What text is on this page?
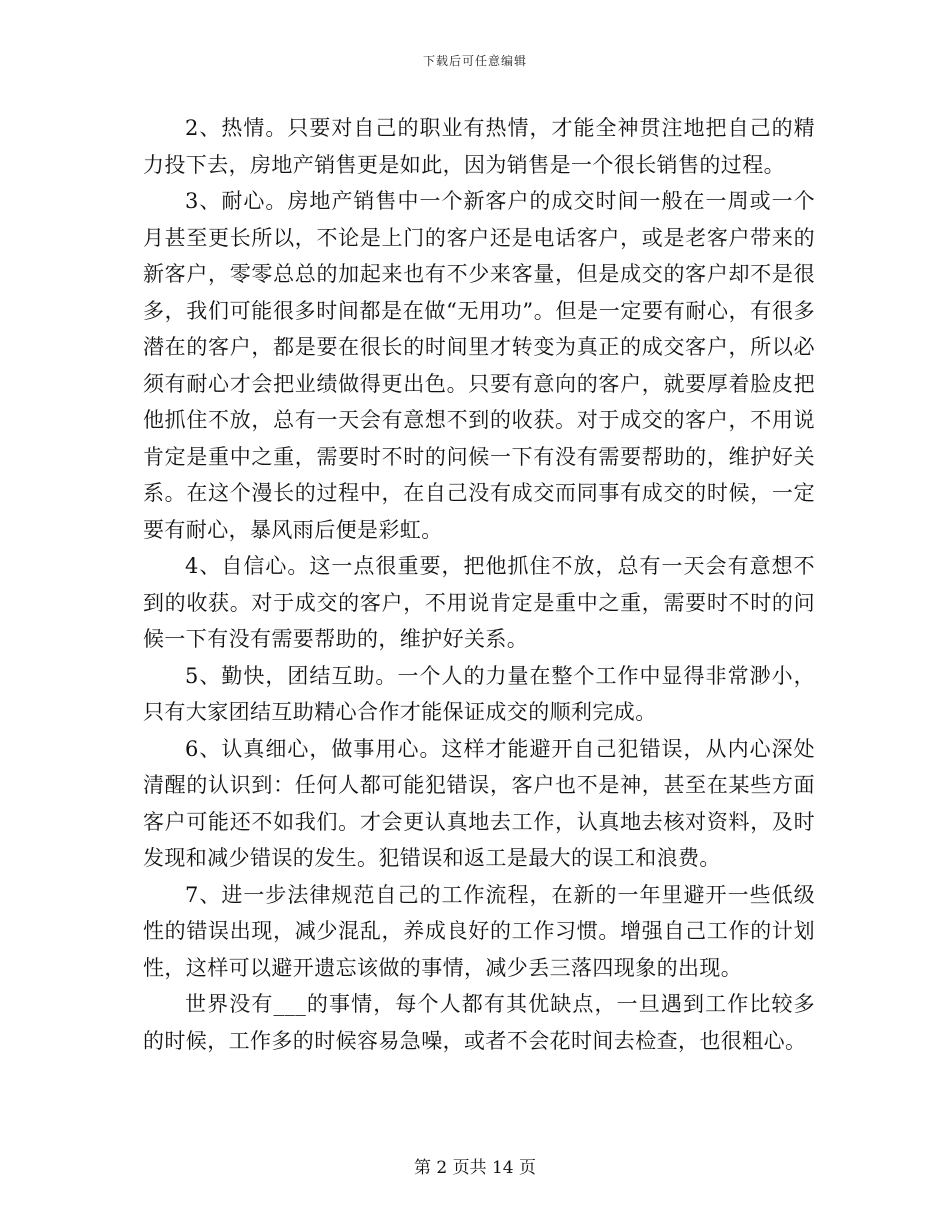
下载后可任意编辑

2、热情。只要对自己的职业有热情，才能全神贯注地把自己的精力投下去，房地产销售更是如此，因为销售是一个很长销售的过程。

3、耐心。房地产销售中一个新客户的成交时间一般在一周或一个月甚至更长所以，不论是上门的客户还是电话客户，或是老客户带来的新客户，零零总总的加起来也有不少来客量，但是成交的客户却不是很多，我们可能很多时间都是在做“无用功”。但是一定要有耐心，有很多潜在的客户，都是要在很长的时间里才转变为真正的成交客户，所以必须有耐心才会把业绩做得更出色。只要有意向的客户，就要厚着脸皮把他抓住不放，总有一天会有意想不到的收获。对于成交的客户，不用说肯定是重中之重，需要时不时的问候一下有没有需要帮助的，维护好关系。在这个漫长的过程中，在自己没有成交而同事有成交的时候，一定要有耐心，暴风雨后便是彩虹。

4、自信心。这一点很重要，把他抓住不放，总有一天会有意想不到的收获。对于成交的客户，不用说肯定是重中之重，需要时不时的问候一下有没有需要帮助的，维护好关系。

5、勤快，团结互助。一个人的力量在整个工作中显得非常渺小，只有大家团结互助精心合作才能保证成交的顺利完成。

6、认真细心，做事用心。这样才能避开自己犯错误，从内心深处清醒的认识到：任何人都可能犯错误，客户也不是神，甚至在某些方面客户可能还不如我们。才会更认真地去工作，认真地去核对资料，及时发现和减少错误的发生。犯错误和返工是最大的误工和浪费。

7、进一步法律规范自己的工作流程，在新的一年里避开一些低级性的错误出现，减少混乱，养成良好的工作习惯。增强自己工作的计划性，这样可以避开遗忘该做的事情，减少丢三落四现象的出现。

世界没有___的事情，每个人都有其优缺点，一旦遇到工作比较多的时候，工作多的时候容易急噪，或者不会花时间去检查，也很粗心。

第 2 页共 14 页
